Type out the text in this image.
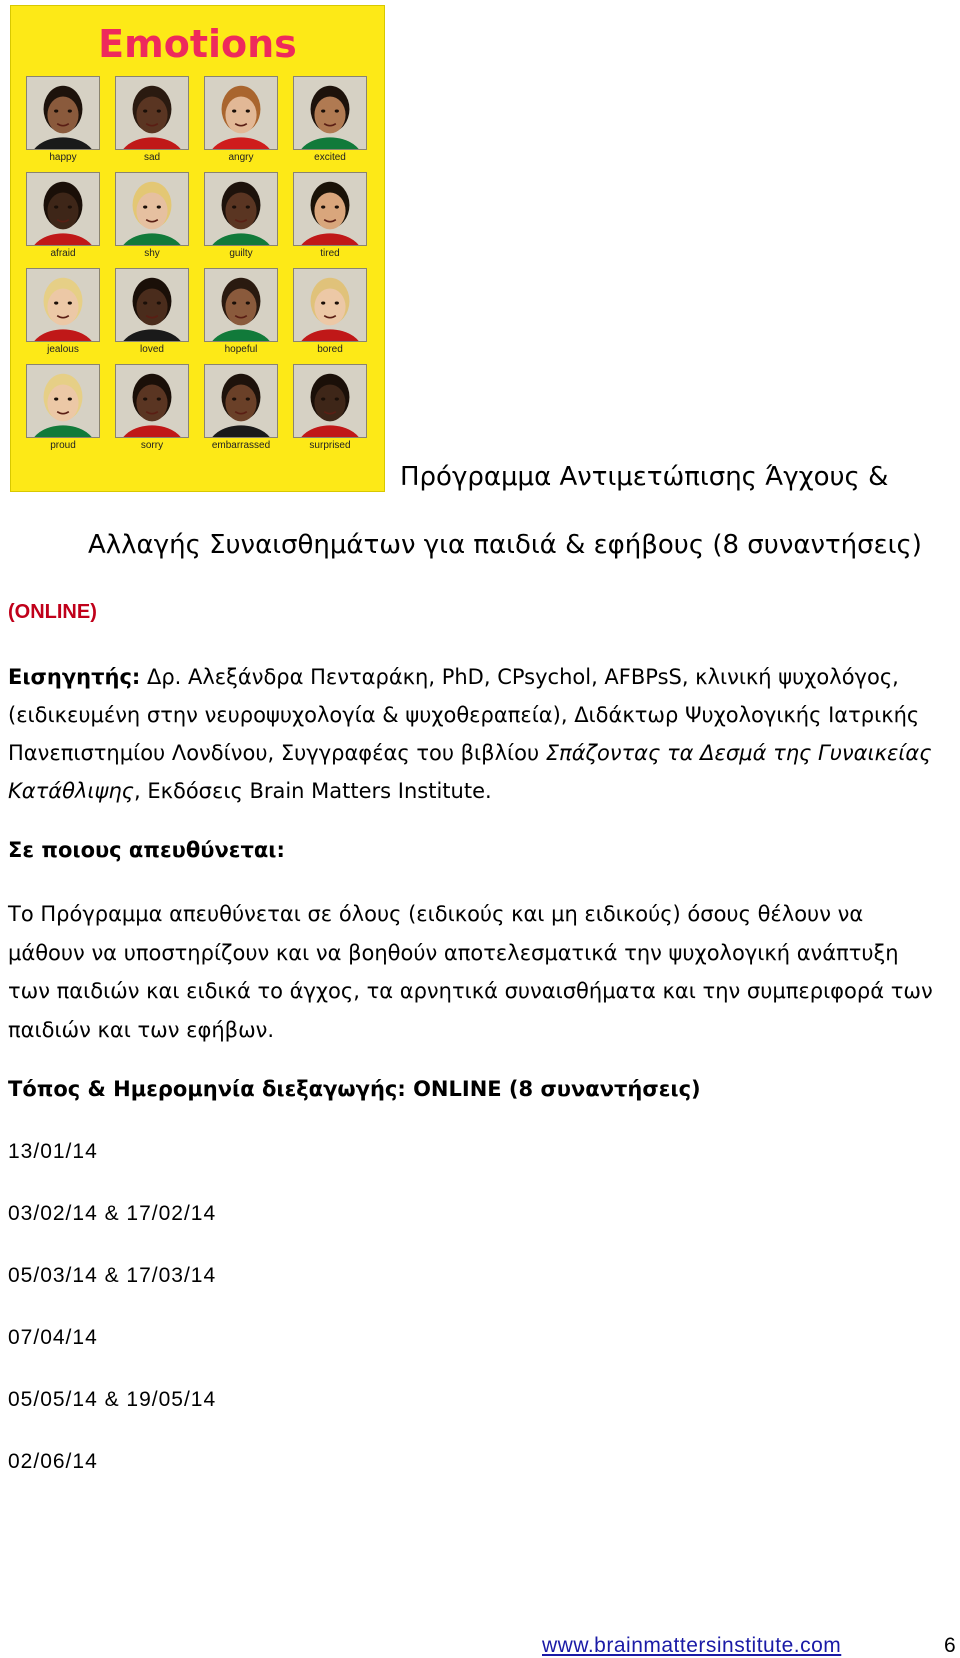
Emotions
happy	sad	angry	excited
afraid	shy	guilty	tired
jealous	loved	hopeful	bored
proud	sorry	embarrassed	surprised
Πρόγραμμα Αντιμετώπισης Άγχους &
Αλλαγής Συναισθημάτων για παιδιά & εφήβους (8 συναντήσεις)
(ONLINE)
Εισηγητής: Δρ. Αλεξάνδρα Πενταράκη, PhD, CPsychol, AFBPsS, κλινική ψυχολόγος, (ειδικευμένη στην νευροψυχολογία & ψυχοθεραπεία), Διδάκτωρ Ψυχολογικής Ιατρικής Πανεπιστημίου Λονδίνου, Συγγραφέας του βιβλίου Σπάζοντας τα Δεσμά της Γυναικείας Κατάθλιψης, Εκδόσεις Brain Matters Institute.
Σε ποιους απευθύνεται:
Το Πρόγραμμα απευθύνεται σε όλους (ειδικούς και μη ειδικούς) όσους θέλουν να μάθουν να υποστηρίζουν και να βοηθούν αποτελεσματικά την ψυχολογική ανάπτυξη των παιδιών και ειδικά το άγχος, τα αρνητικά συναισθήματα και την συμπεριφορά των παιδιών και των εφήβων.
Τόπος & Ημερομηνία διεξαγωγής: ONLINE (8 συναντήσεις)
13/01/14
03/02/14 & 17/02/14
05/03/14 & 17/03/14
07/04/14
05/05/14 & 19/05/14
02/06/14
www.brainmattersinstitute.com	6
